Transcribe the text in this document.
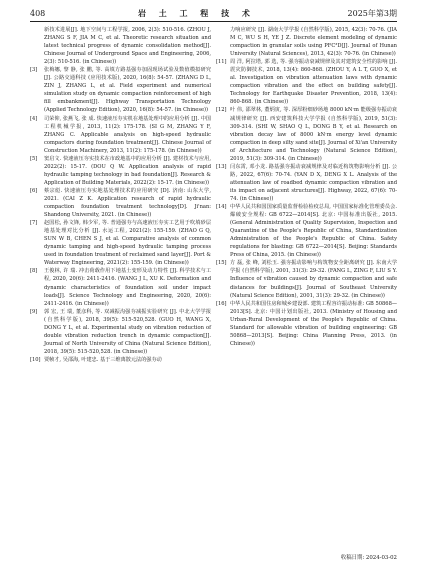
408	岩 土 工 程 技 术	2025年第3期
新技术进展[J]. 地下空间与工程学报, 2006, 2(3): 510-516. (ZHOU J, ZHANG S F, JIA M C, et al. Theoretic research situation and latest technical progress of dynamic consolidation method[J]. Chinese Journal of Underground Space and Engineering, 2006, 2(3): 510-516. (in Chinese))
[3]	张梅娜, 黎 静, 张 鹏, 等. 高填方路基强夯加固现场试验及数值模拟研究 [J]. 公路交通科技 (应用技术版), 2020, 16(8): 54-57. (ZHANG D L, ZIN J, ZHANG L, et al. Field experiment and numerical simulation study on dynamic compaction reinforcement of high fill embankment[J]. Highway Transportation Technology (Applied Technology Edition), 2020, 16(8): 54-57. (in Chinese))
[4]	司荣仰, 张燕飞, 张 成. 快速液压夯实机在地基处理中的应用分析 [J]. 中国工程机械学报, 2013, 11(2): 175-178. (SI G M, ZHANG Y F, ZHANG C. Applicable analysis on high-speed hydraulic compactors during foundation treatment[J]. Chinese Journal of Construction Machinery, 2013, 11(2): 175-178. (in Chinese))
[5]	窦启文. 快速液压夯实技术在市政地基中的应用分析 [J]. 建材技术与应用, 2022(2): 15-17. (DOU Q W. Application analysis of rapid hydraulic tamping technology in bad foundation[J]. Research & Application of Building Materials, 2022(2): 15-17. (in Chinese))
[6]	蔡宗彪. 快速液压夯实地基处理技术的应用研究 [D]. 济南: 山东大学, 2021. (CAI Z K. Application research of rapid hydraulic compaction foundation treatment technology[D]. Ji'nan: Shandong University, 2021. (in Chinese))
[7]	赵国松, 孙文锋, 韩少军, 等. 普通强夯与高速液压夯实工艺用于吹填砂层地基处理对比分析 [J]. 水运工程, 2021(2): 155-159. (ZHAO G Q, SUN W B, CHEN S J, et al. Comparative analysis of common dynamic tamping and high-speed hydraulic tamping process used in foundation treatment of reclaimed sand layer[J]. Port & Waterway Engineering, 2021(2): 155-159. (in Chinese))
[8]	王俊林, 许 瑞. 冲击荷载作用下地基土变形及动力特性 [J]. 科学技术与工程, 2020, 20(6): 2411-2416. (WANG J L, XU K. Deformation and dynamic characteristics of foundation soil under impact loads[J]. Science Technology and Engineering, 2020, 20(6): 2411-2416. (in Chinese))
[9]	郭 宏, 王 瑞, 董彦科, 等. 双减振沟强夯减振实验研究 [J]. 中北大学学报 (自然科学版), 2018, 39(5): 515-520,528. (GUO H, WANG X, DONG Y L, et al. Experimental study on vibration reduction of double vibration reduction trench in dynamic compaction[J]. Journal of North University of China (Natural Science Edition), 2018, 39(5): 515-520,528. (in Chinese))
[10] 贾帧才, 吴邵海, 叶建忠. 基于三维离散元法的强夯动
力响应研究 [J]. 湖南大学学报 (自然科学版), 2015, 42(3): 70-76. (JIA M C, WU S H, YE J Z. Discrete element modeling of dynamic compaction in granular soils using PFC³D[J]. Journal of Hunan University (Natural Sciences), 2013, 42(3): 70-76. (in Chinese))
[11] 周 洋, 阿拉塔, 郭 选, 等. 强夯振动衰减规律及其对建筑安全性的影响 [J]. 震灾防御技术, 2018, 13(4): 860-868. (ZHOU Y, A L T, GUO X, et al. Investigation on vibration attenuation laws with dynamic compaction vibration and the effect on building safety[J]. Technology for Earthquake Disaster Prevention, 2018, 13(4): 860-868. (in Chinese))
[12] 叶 伟, 邵翠林, 董炳寅, 等. 深厚粉细砂场地 8000 kN·m 能级强夯振动衰减规律研究 [J]. 西安建筑科技大学学报 (自然科学版), 2019, 51(3): 309-314. (SHI W, SHAO Q L, DONG B Y, et al. Research on vibration decay law of 8000 kN·m energy level dynamic compaction in deep silty sand site[J]. Journal of Xi'an University of Architecture and Technology (Natural Science Edition), 2019, 51(3): 309-314. (in Chinese))
[13] 闫东霄, 邓小龙. 路基强夯振动衰减规律及对临近构筑物影响分析 [J]. 公路, 2022, 67(6): 70-74. (YAN D X, DENG X L. Analysis of the attenuation law of roadbed dynamic compaction vibration and its impact on adjacent structures[J]. Highway, 2022, 67(6): 70-74. (in Chinese))
[14] 中华人民共和国国家质量监督检验检疫总局, 中国国家标准化管理委员会. 爆破安全规程: GB 6722—2014[S]. 北京: 中国标准出版社, 2015. (General Administration of Quality Supervision, Inspection and Quarantine of the People's Republic of China, Standardization Administration of the People's Republic of China. Safety regulations for blasting: GB 6722—2014[S]. Beijing: Standards Press of China, 2015. (in Chinese))
[15] 方 磊, 张 峰, 刘松玉. 强夯振动影响与构筑物安全距离研究 [J]. 东南大学学报 (自然科学版), 2001, 31(3): 29-32. (FANG L, ZING F, LIU S Y. Influence of vibration caused by dynamic compaction and safe distances for buildings[J]. Journal of Southeast University (Natural Science Edition), 2001, 31(3): 29-32. (in Chinese))
[16] 中华人民共和国住房和城乡建设部. 建筑工程容许振动标准: GB 50868—2013[S]. 北京: 中国计划出版社, 2013. (Ministry of Housing and Urban-Rural Development of the People's Republic of China. Standard for allowable vibration of building engineering: GB 50868—2013[S]. Beijing: China Planning Press, 2013. (in Chinese))
收稿日期: 2024-03-02
